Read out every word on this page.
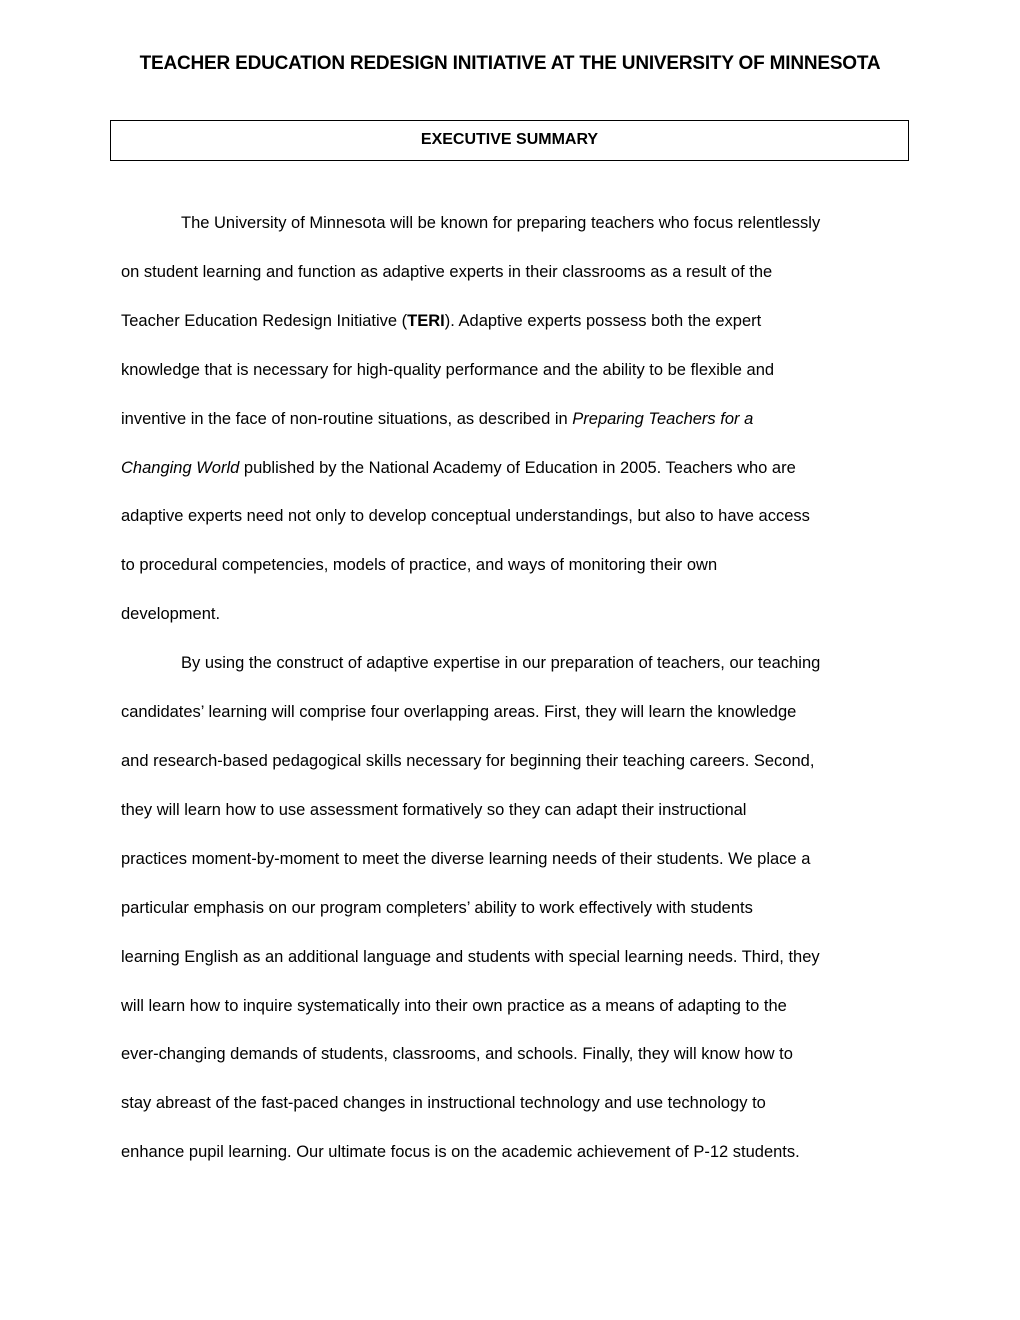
TEACHER EDUCATION REDESIGN INITIATIVE AT THE UNIVERSITY OF MINNESOTA
EXECUTIVE SUMMARY
The University of Minnesota will be known for preparing teachers who focus relentlessly
on student learning and function as adaptive experts in their classrooms as a result of the
Teacher Education Redesign Initiative (TERI). Adaptive experts possess both the expert
knowledge that is necessary for high-quality performance and the ability to be flexible and
inventive in the face of non-routine situations, as described in Preparing Teachers for a
Changing World published by the National Academy of Education in 2005. Teachers who are
adaptive experts need not only to develop conceptual understandings, but also to have access
to procedural competencies, models of practice, and ways of monitoring their own
development.
By using the construct of adaptive expertise in our preparation of teachers, our teaching
candidates’ learning will comprise four overlapping areas. First, they will learn the knowledge
and research-based pedagogical skills necessary for beginning their teaching careers. Second,
they will learn how to use assessment formatively so they can adapt their instructional
practices moment-by-moment to meet the diverse learning needs of their students. We place a
particular emphasis on our program completers’ ability to work effectively with students
learning English as an additional language and students with special learning needs. Third, they
will learn how to inquire systematically into their own practice as a means of adapting to the
ever-changing demands of students, classrooms, and schools. Finally, they will know how to
stay abreast of the fast-paced changes in instructional technology and use technology to
enhance pupil learning. Our ultimate focus is on the academic achievement of P-12 students.
